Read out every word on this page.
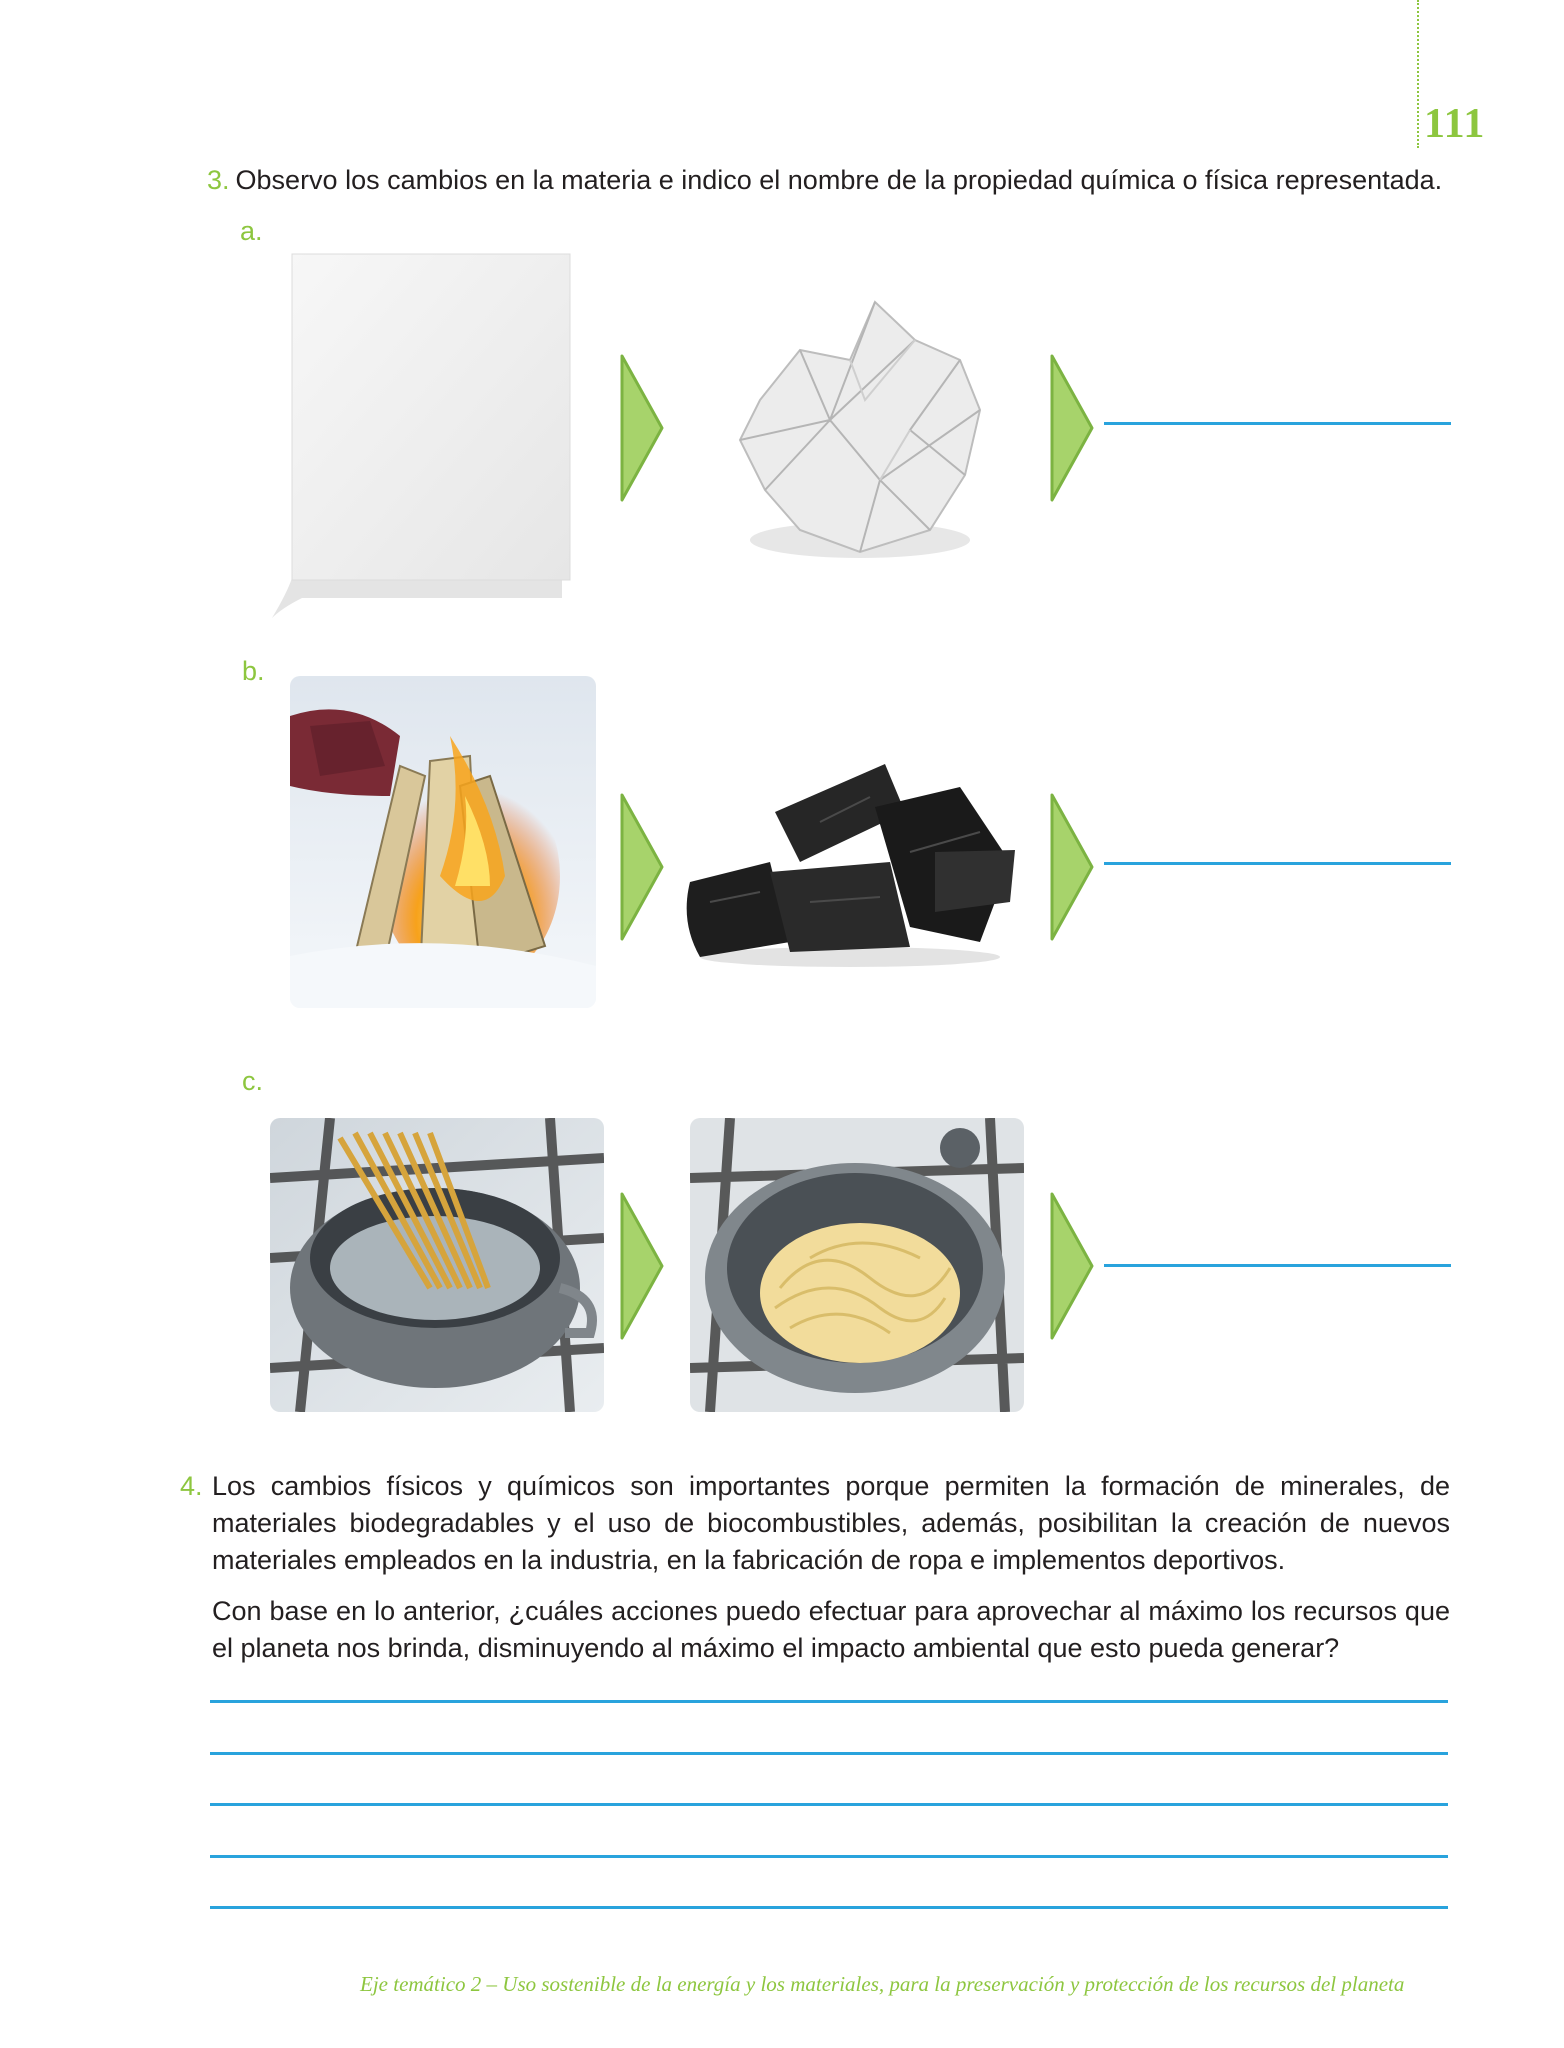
111
3. Observo los cambios en la materia e indico el nombre de la propiedad química o física representada.
a.
b.
c.
4. Los cambios físicos y químicos son importantes porque permiten la formación de minerales, de materiales biodegradables y el uso de biocombustibles, además, posibilitan la creación de nuevos materiales empleados en la industria, en la fabricación de ropa e implementos deportivos.

Con base en lo anterior, ¿cuáles acciones puedo efectuar para aprovechar al máximo los recursos que el planeta nos brinda, disminuyendo al máximo el impacto ambiental que esto pueda generar?

Eje temático 2 – Uso sostenible de la energía y los materiales, para la preservación y protección de los recursos del planeta
